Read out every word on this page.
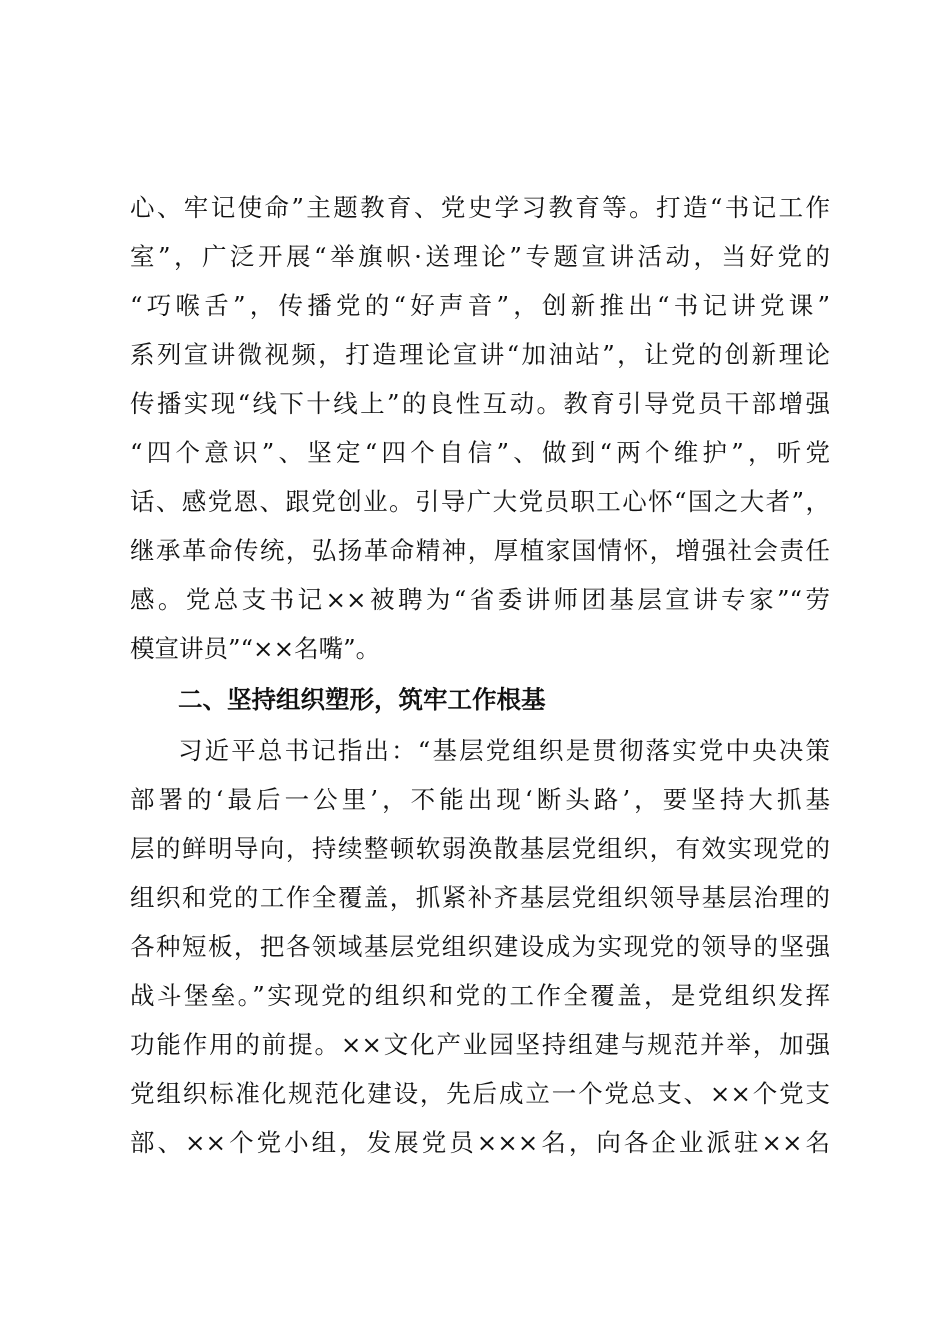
心、牢记使命”主题教育、党史学习教育等。打造“书记工作
室”，广泛开展“举旗帜·送理论”专题宣讲活动，当好党的
“巧喉舌”，传播党的“好声音”，创新推出“书记讲党课”
系列宣讲微视频，打造理论宣讲“加油站”，让党的创新理论
传播实现“线下十线上”的良性互动。教育引导党员干部增强
“四个意识”、坚定“四个自信”、做到“两个维护”，听党
话、感党恩、跟党创业。引导广大党员职工心怀“国之大者”，
继承革命传统，弘扬革命精神，厚植家国情怀，增强社会责任
感。党总支书记××被聘为“省委讲师团基层宣讲专家”“劳
模宣讲员”“××名嘴”。
二、坚持组织塑形，筑牢工作根基
习近平总书记指出：“基层党组织是贯彻落实党中央决策
部署的‘最后一公里’，不能出现‘断头路’，要坚持大抓基
层的鲜明导向，持续整顿软弱涣散基层党组织，有效实现党的
组织和党的工作全覆盖，抓紧补齐基层党组织领导基层治理的
各种短板，把各领域基层党组织建设成为实现党的领导的坚强
战斗堡垒。”实现党的组织和党的工作全覆盖，是党组织发挥
功能作用的前提。××文化产业园坚持组建与规范并举，加强
党组织标准化规范化建设，先后成立一个党总支、××个党支
部、××个党小组，发展党员×××名，向各企业派驻××名
